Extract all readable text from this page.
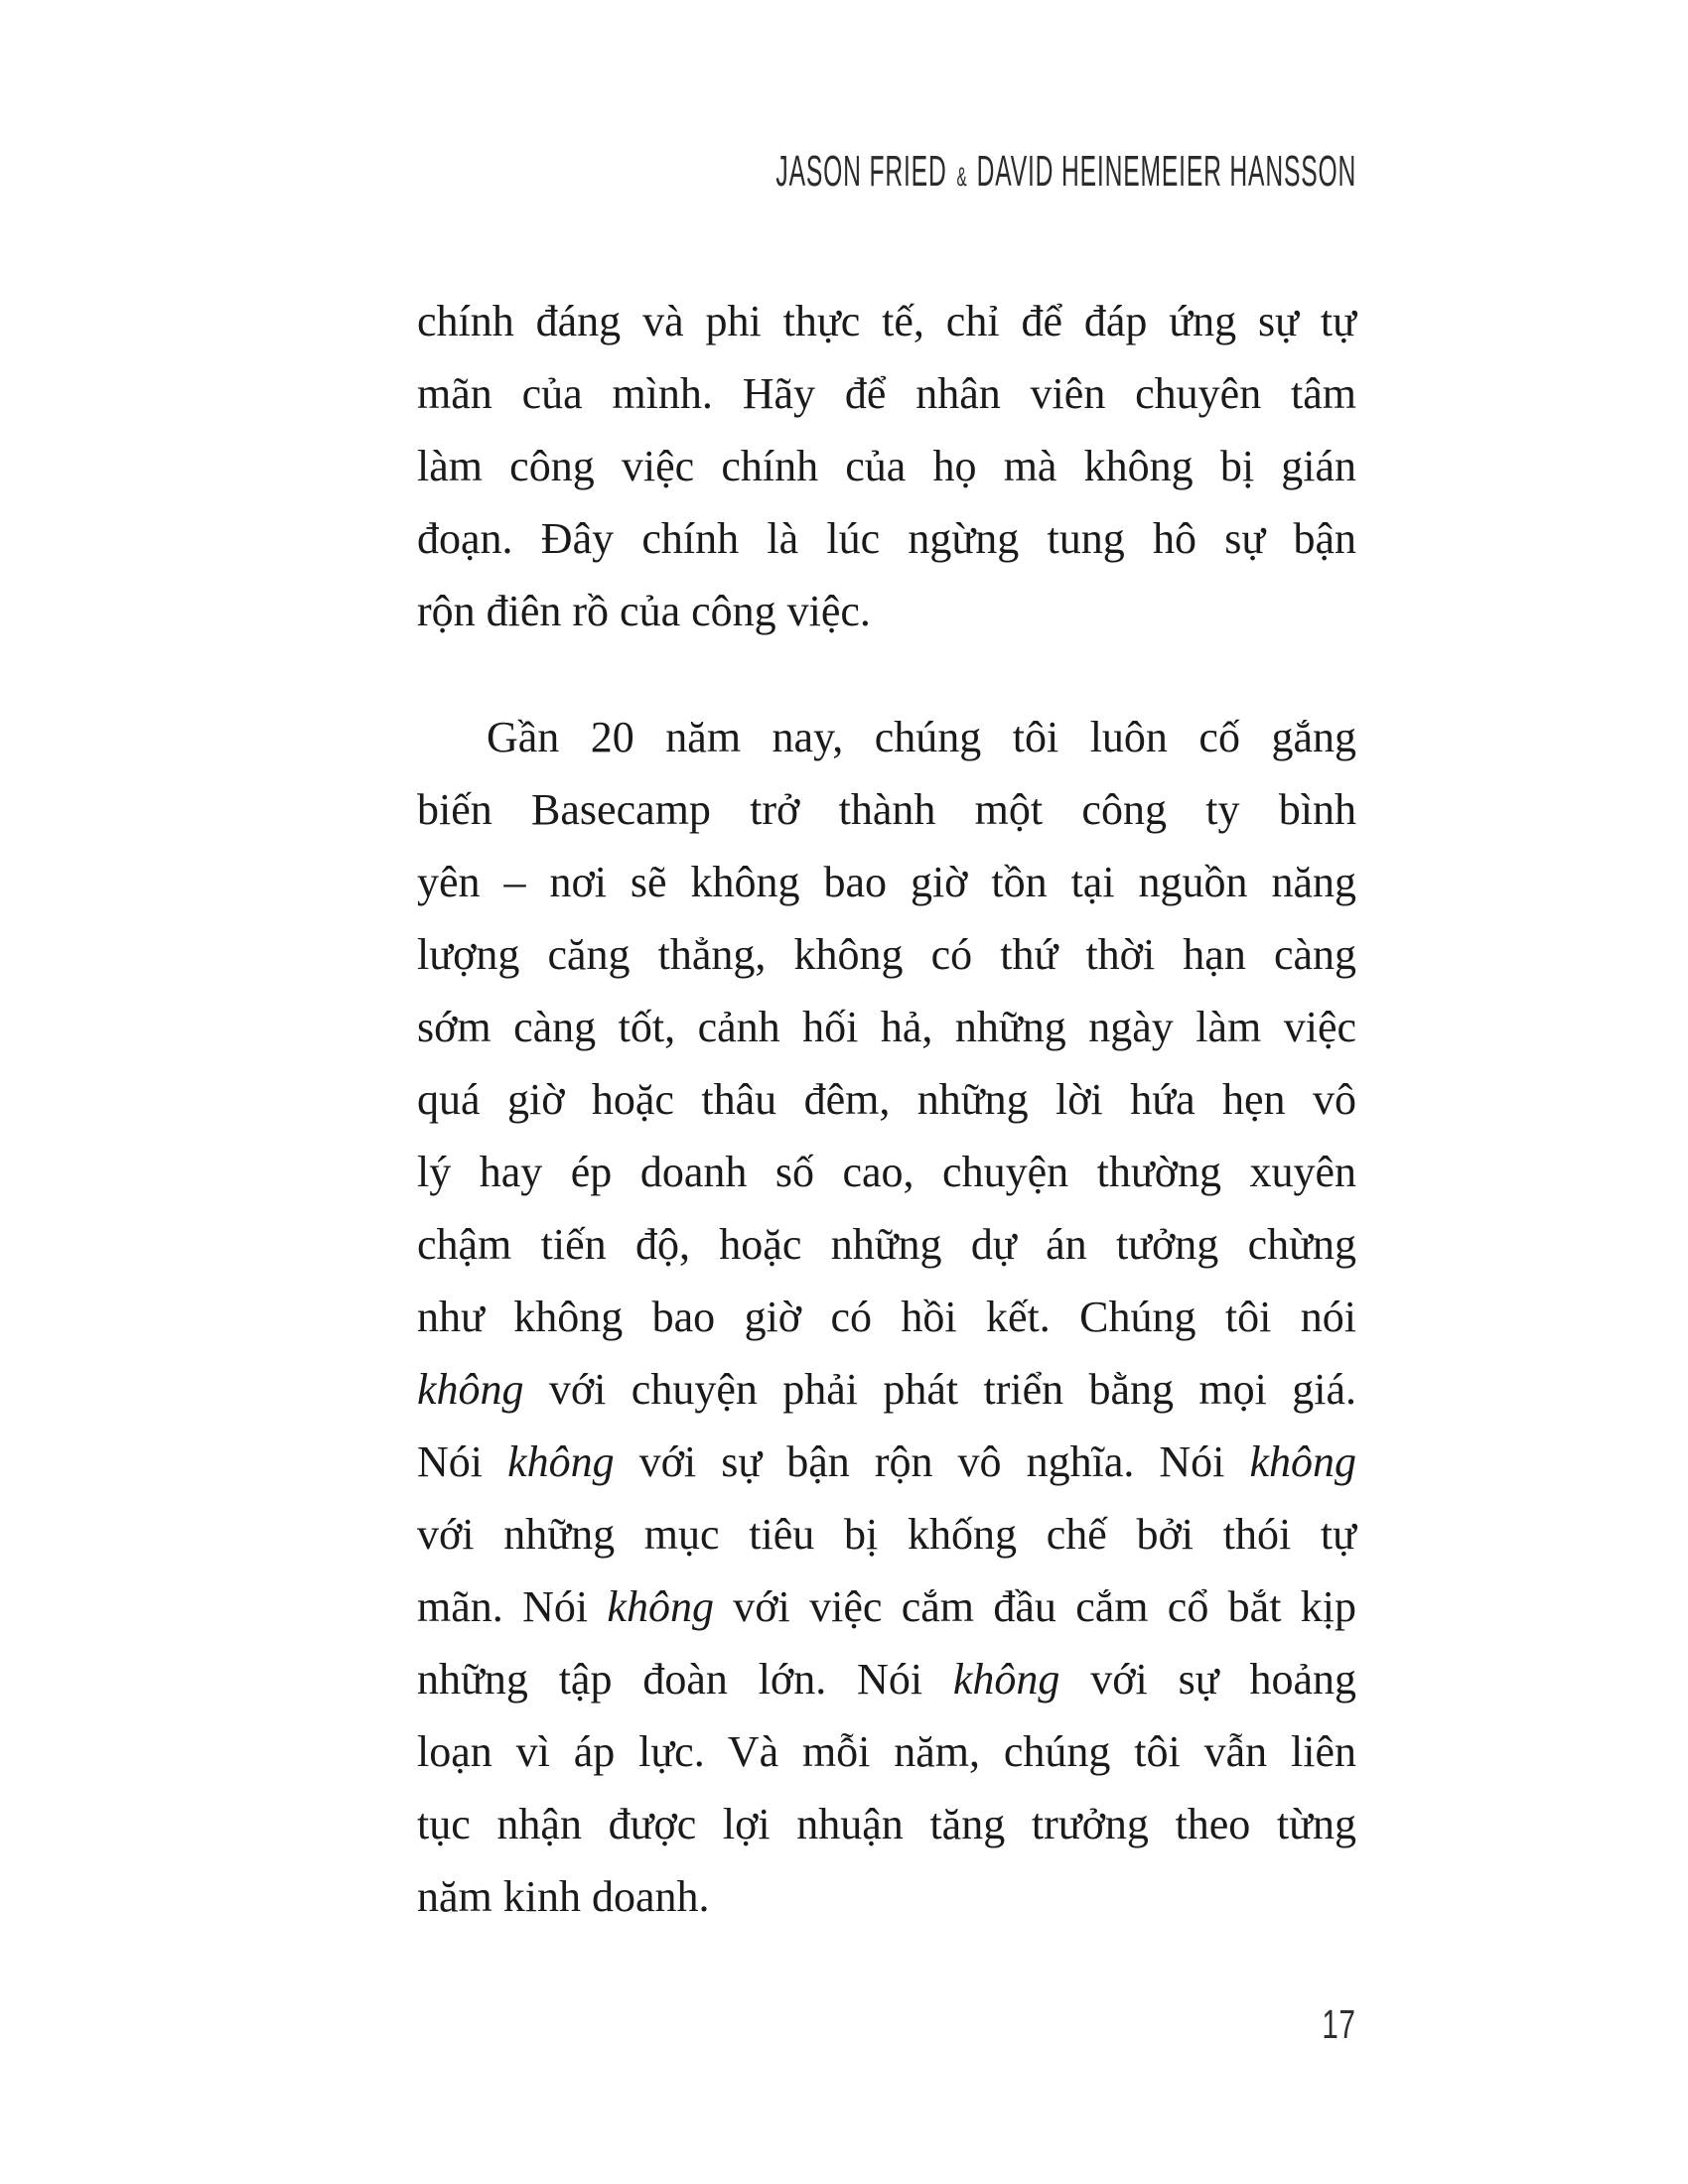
JASON FRIED & DAVID HEINEMEIER HANSSON
chính đáng và phi thực tế, chỉ để đáp ứng sự tự
mãn của mình. Hãy để nhân viên chuyên tâm
làm công việc chính của họ mà không bị gián
đoạn. Đây chính là lúc ngừng tung hô sự bận
rộn điên rồ của công việc.
Gần 20 năm nay, chúng tôi luôn cố gắng
biến Basecamp trở thành một công ty bình
yên – nơi sẽ không bao giờ tồn tại nguồn năng
lượng căng thẳng, không có thứ thời hạn càng
sớm càng tốt, cảnh hối hả, những ngày làm việc
quá giờ hoặc thâu đêm, những lời hứa hẹn vô
lý hay ép doanh số cao, chuyện thường xuyên
chậm tiến độ, hoặc những dự án tưởng chừng
như không bao giờ có hồi kết. Chúng tôi nói
không với chuyện phải phát triển bằng mọi giá.
Nói không với sự bận rộn vô nghĩa. Nói không
với những mục tiêu bị khống chế bởi thói tự
mãn. Nói không với việc cắm đầu cắm cổ bắt kịp
những tập đoàn lớn. Nói không với sự hoảng
loạn vì áp lực. Và mỗi năm, chúng tôi vẫn liên
tục nhận được lợi nhuận tăng trưởng theo từng
năm kinh doanh.
17
